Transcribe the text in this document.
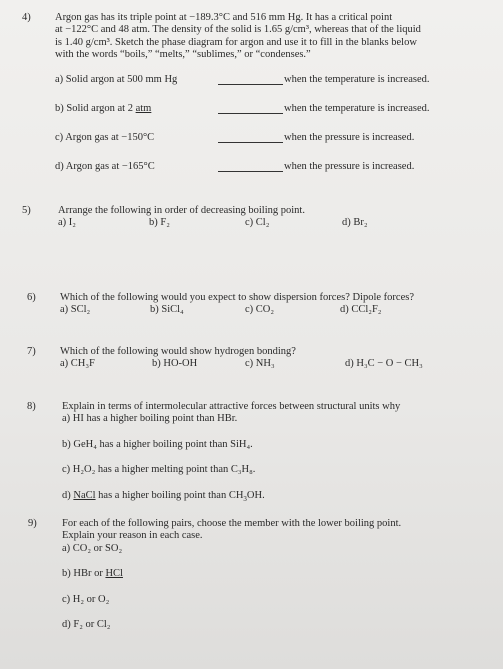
4) Argon gas has its triple point at −189.3°C and 516 mm Hg. It has a critical point
at −122°C and 48 atm. The density of the solid is 1.65 g/cm³, whereas that of the liquid
is 1.40 g/cm³. Sketch the phase diagram for argon and use it to fill in the blanks below
with the words “boils,” “melts,” “sublimes,” or “condenses.”
a) Solid argon at 500 mm Hg	when the temperature is increased.
b) Solid argon at 2 atm	when the temperature is increased.
c) Argon gas at −150°C	when the pressure is increased.
d) Argon gas at −165°C	when the pressure is increased.
5)	Arrange the following in order of decreasing boiling point.
a) I₂	b) F₂	c) Cl₂	d) Br₂
6) Which of the following would you expect to show dispersion forces? Dipole forces?
a) SCl₂	b) SiCl₄	c) CO₂	d) CCl₂F₂
7) Which of the following would show hydrogen bonding?
a) CH₃F	b) HO-OH	c) NH₃	d) H₃C − O − CH₃
8)	Explain in terms of intermolecular attractive forces between structural units why
a) HI has a higher boiling point than HBr.
b) GeH₄ has a higher boiling point than SiH₄.
c) H₂O₂ has a higher melting point than C₃H₈.
d) NaCl has a higher boiling point than $CH_3OH$.
9) For each of the following pairs, choose the member with the lower boiling point.
Explain your reason in each case.
a) CO₂ or SO₂
b) HBr or HCl
c) H₂ or O₂
d) F₂ or Cl₂
